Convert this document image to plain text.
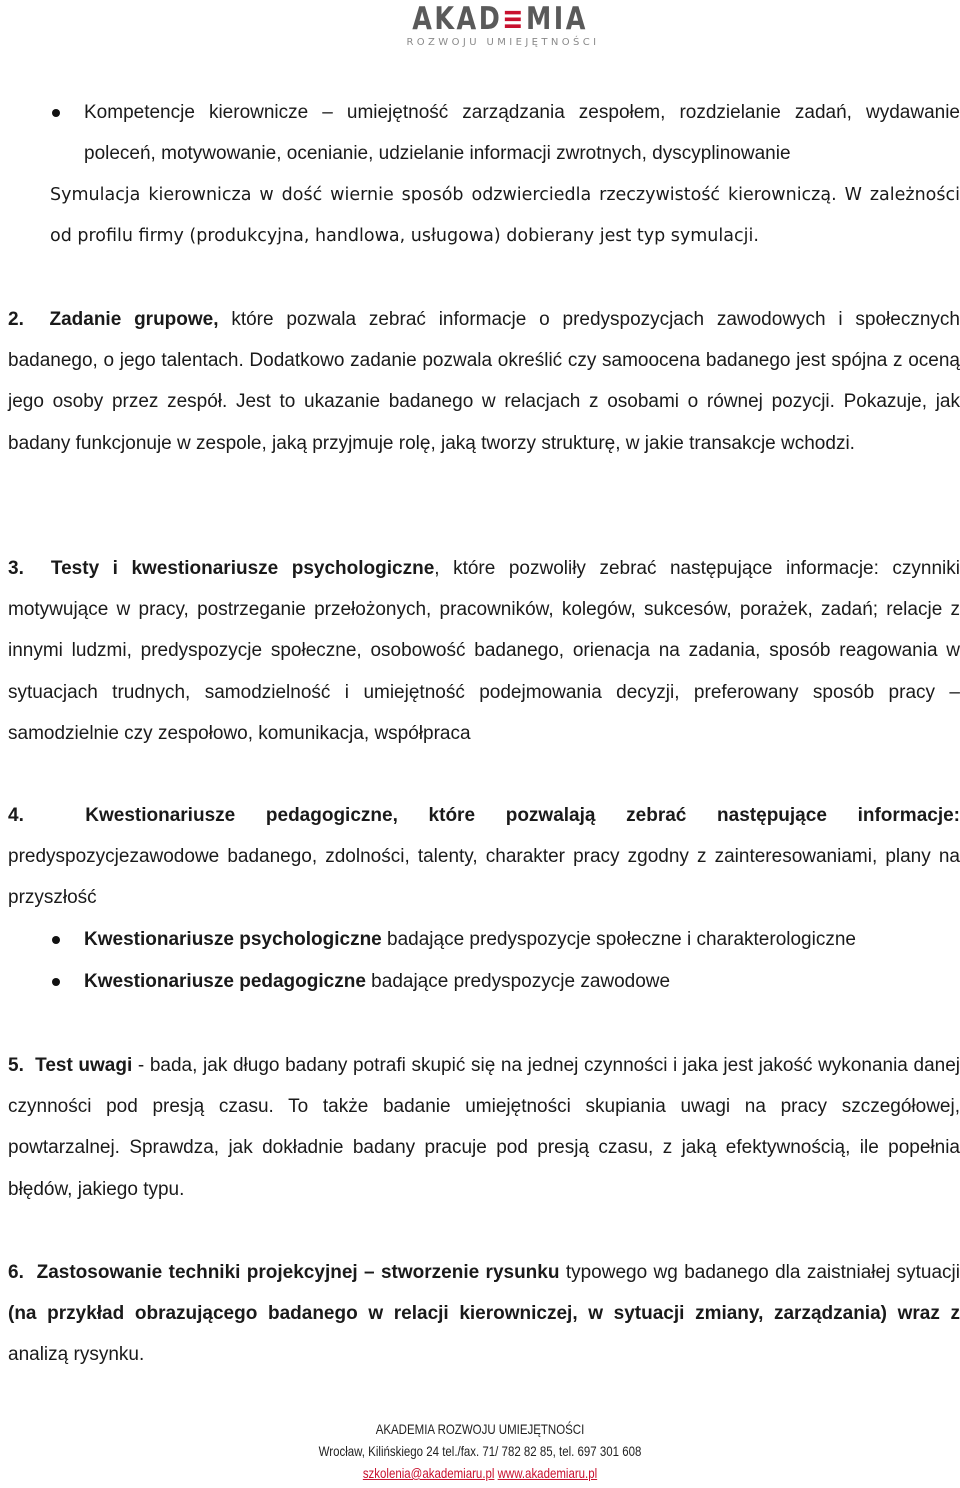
AKAD≡MIA
ROZWOJU UMIEJĘTNOŚCI
Kompetencje kierownicze – umiejętność zarządzania zespołem, rozdzielanie zadań, wydawanie
poleceń, motywowanie, ocenianie, udzielanie informacji zwrotnych, dyscyplinowanie
Symulacja kierownicza w dość wiernie sposób odzwierciedla rzeczywistość kierowniczą. W zależności od profilu firmy (produkcyjna, handlowa, usługowa) dobierany jest typ symulacji.
2. Zadanie grupowe, które pozwala zebrać informacje o predyspozycjach zawodowych i społecznych badanego, o jego talentach. Dodatkowo zadanie pozwala określić czy samoocena badanego jest spójna z oceną jego osoby przez zespół. Jest to ukazanie badanego w relacjach z osobami o równej pozycji. Pokazuje, jak badany funkcjonuje w zespole, jaką przyjmuje rolę, jaką tworzy strukturę, w jakie transakcje wchodzi.
3. Testy i kwestionariusze psychologiczne, które pozwoliły zebrać następujące informacje: czynniki motywujące w pracy, postrzeganie przełożonych, pracowników, kolegów, sukcesów, porażek, zadań; relacje z innymi ludzmi, predyspozycje społeczne, osobowość badanego, orienacja na zadania, sposób reagowania w sytuacjach trudnych, samodzielność i umiejętność podejmowania decyzji, preferowany sposób pracy – samodzielnie czy zespołowo, komunikacja, współpraca
4.	Kwestionariusze pedagogiczne, które pozwalają zebrać następujące informacje: predyspozycjezawodowe badanego, zdolności, talenty, charakter pracy zgodny z zainteresowaniami, plany na przyszłość
Kwestionariusze psychologiczne badające predyspozycje społeczne i charakterologiczne
Kwestionariusze pedagogiczne badające predyspozycje zawodowe
5. Test uwagi - bada, jak długo badany potrafi skupić się na jednej czynności i jaka jest jakość wykonania danej czynności pod presją czasu. To także badanie umiejętności skupiania uwagi na pracy szczegółowej, powtarzalnej. Sprawdza, jak dokładnie badany pracuje pod presją czasu, z jaką efektywnością, ile popełnia błędów, jakiego typu.
6. Zastosowanie techniki projekcyjnej – stworzenie rysunku typowego wg badanego dla zaistniałej sytuacji (na przykład obrazującego badanego w relacji kierowniczej, w sytuacji zmiany, zarządzania) wraz z analizą rysynku.
AKADEMIA ROZWOJU UMIEJĘTNOŚCI
Wrocław, Kilińskiego 24 tel./fax. 71/ 782 82 85, tel. 697 301 608
szkolenia@akademiaru.pl www.akademiaru.pl
